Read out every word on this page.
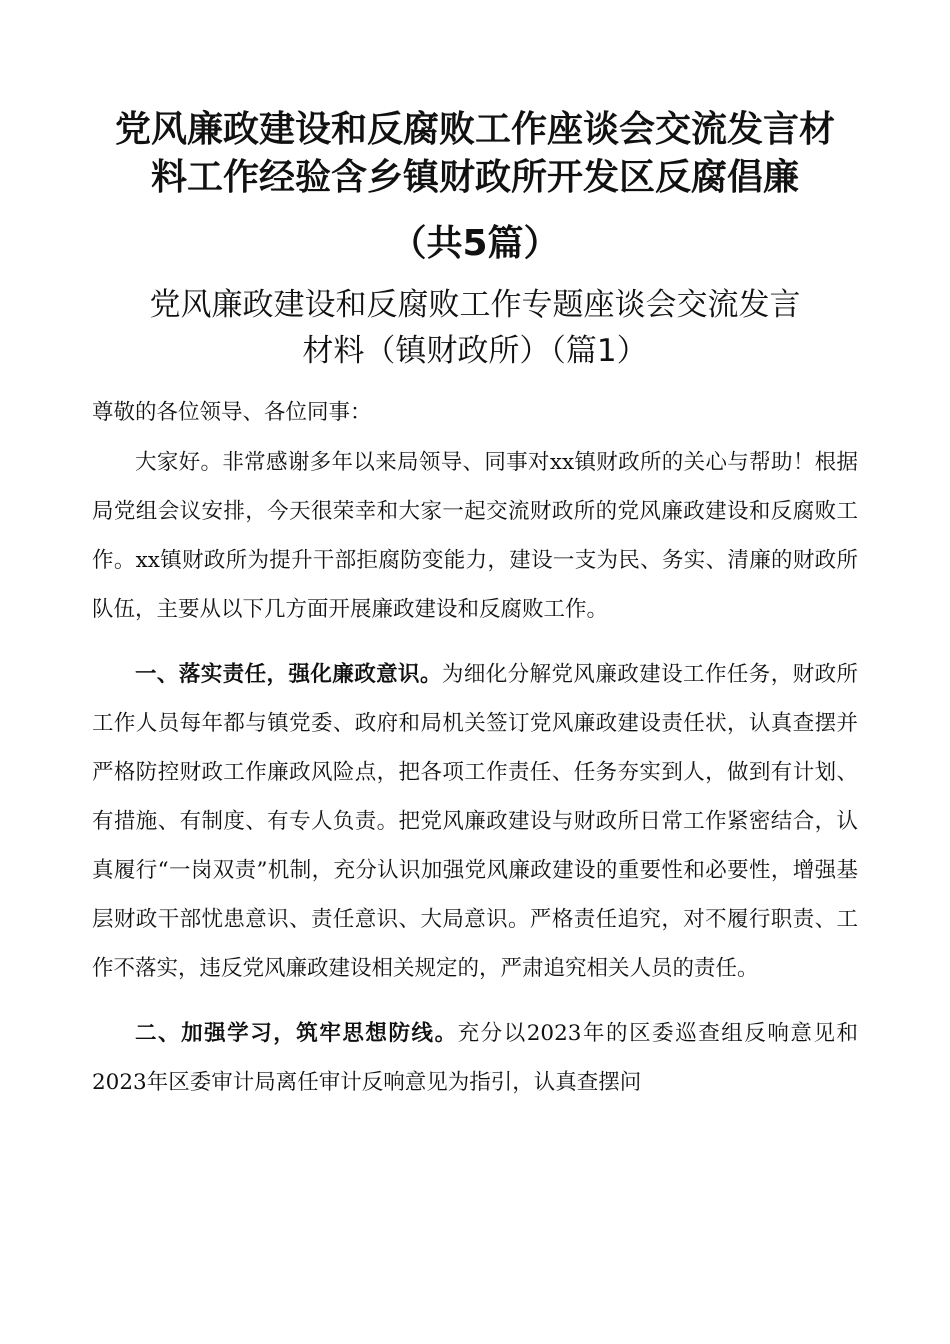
党风廉政建设和反腐败工作座谈会交流发言材
料工作经验含乡镇财政所开发区反腐倡廉
（共5篇）
党风廉政建设和反腐败工作专题座谈会交流发言
材料（镇财政所）（篇1）

尊敬的各位领导、各位同事：

大家好。非常感谢多年以来局领导、同事对xx镇财政所的关心与帮助！根据局党组会议安排，今天很荣幸和大家一起交流财政所的党风廉政建设和反腐败工作。xx镇财政所为提升干部拒腐防变能力，建设一支为民、务实、清廉的财政所队伍，主要从以下几方面开展廉政建设和反腐败工作。

一、落实责任，强化廉政意识。为细化分解党风廉政建设工作任务，财政所工作人员每年都与镇党委、政府和局机关签订党风廉政建设责任状，认真查摆并严格防控财政工作廉政风险点，把各项工作责任、任务夯实到人，做到有计划、有措施、有制度、有专人负责。把党风廉政建设与财政所日常工作紧密结合，认真履行“一岗双责”机制，充分认识加强党风廉政建设的重要性和必要性，增强基层财政干部忧患意识、责任意识、大局意识。严格责任追究，对不履行职责、工作不落实，违反党风廉政建设相关规定的，严肃追究相关人员的责任。

二、加强学习，筑牢思想防线。充分以2023年的区委巡查组反响意见和2023年区委审计局离任审计反响意见为指引，认真查摆问
